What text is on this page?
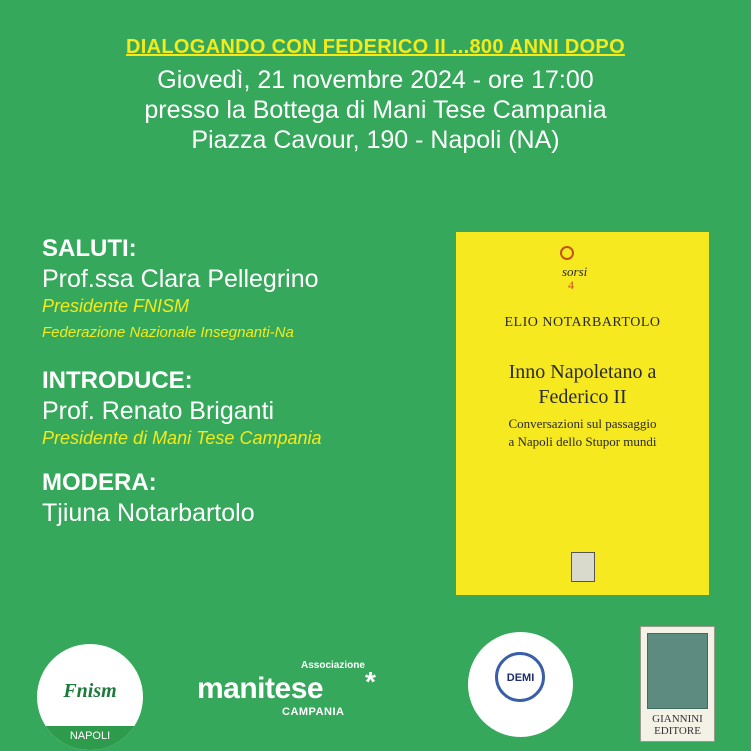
DIALOGANDO CON FEDERICO II ...800 ANNI DOPO
Giovedì, 21 novembre 2024 - ore 17:00
presso la Bottega di Mani Tese Campania
Piazza Cavour, 190 - Napoli (NA)
SALUTI:
Prof.ssa Clara Pellegrino
Presidente FNISM
Federazione Nazionale Insegnanti-Na
INTRODUCE:
Prof. Renato Briganti
Presidente di Mani Tese Campania
MODERA:
Tjiuna Notarbartolo
sorsi
4
ELIO NOTARBARTOLO
Inno Napoletano a
Federico II
Conversazioni sul passaggio
a Napoli dello Stupor mundi
Fnism
NAPOLI
Associazione
manitese *
CAMPANIA
DEMI
GIANNINI
EDITORE
